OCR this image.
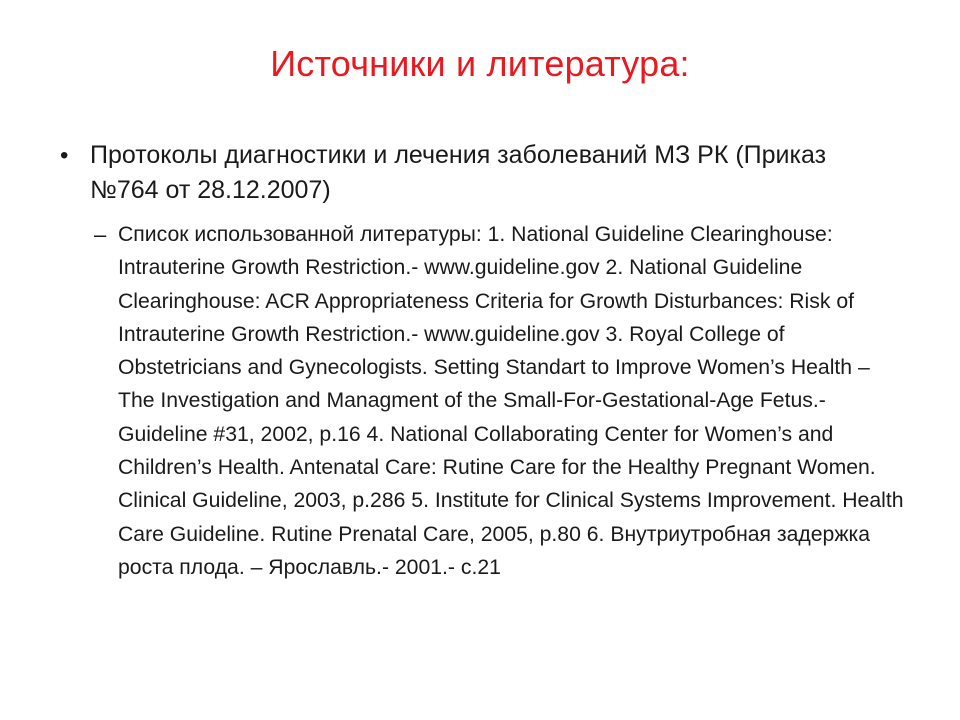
Источники и литература:
• Протоколы диагностики и лечения заболеваний МЗ РК (Приказ №764 от 28.12.2007)
– Список использованной литературы: 1. National Guideline Clearinghouse: Intrauterine Growth Restriction.- www.guideline.gov 2. National Guideline Clearinghouse: ACR Appropriateness Criteria for Growth Disturbances: Risk of Intrauterine Growth Restriction.- www.guideline.gov 3. Royal College of Obstetricians and Gynecologists. Setting Standart to Improve Women’s Health – The Investigation and Managment of the Small-For-Gestational-Age Fetus.- Guideline #31, 2002, p.16 4. National Collaborating Center for Women’s and Children’s Health. Antenatal Care: Rutine Care for the Healthy Pregnant Women. Clinical Guideline, 2003, p.286 5. Institute for Clinical Systems Improvement. Health Care Guideline. Rutine Prenatal Care, 2005, p.80 6. Внутриутробная задержка роста плода. – Ярославль.- 2001.- с.21
